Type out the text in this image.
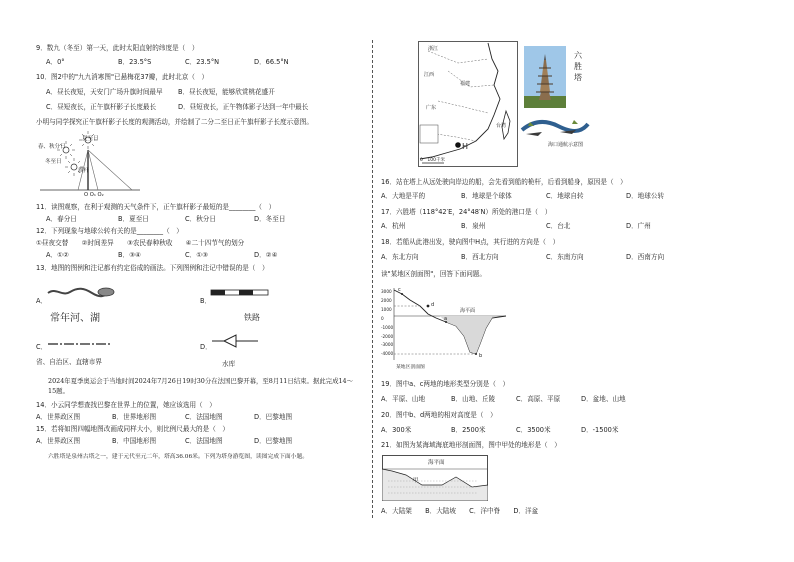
9．数九（冬至）第一天，此时太阳直射的纬度是（　）
A．0°	B．23.5°S	C．23.5°N	D．66.5°N
10．图2中的"九九消寒图"已悬梅花37瓣，此时北京（　）
A．昼长夜短，天安门广场升旗时间最早 B．昼长夜短，能够欣赏桃花盛开
C．昼短夜长，正午旗杆影子长度最长	D．昼短夜长，正午物体影子达到一年中最长
小明与同学探究正午旗杆影子长度的观测活动，并绘制了二分二至日正午旗杆影子长度示意图。
夏至日
春、秋分日
冬至日
旗杆
O O₁ O₂
11．读图观察，在利于观测的天气条件下，正午旗杆影子最短的是________（　）
A．春分日	B．夏至日	C．秋分日	D．冬至日
12．下列现象与地球公转有关的是________（　）
①昼夜交替　　②时间差异　　③农民春种秋收　　④二十四节气的划分
A．①②	B．③④	C．①③	D．②④
13．地图的图例和注记都有约定俗成的画法。下列图例和注记中错误的是（　）
A．
常年河、湖
B．
铁路
C．
省、自治区、直辖市界
D．
水库
2024年夏季奥运会于当地时间2024年7月26日19时30分在法国巴黎开幕，至8月11日结束。据此完成14～15题。
14．小云同学想查找巴黎在世界上的位置，她应该选用（　）
A．世界政区图	B．世界地形图	C．法国地图	D．巴黎地图
15．若将如图四幅地图改画成同样大小，则比例尺最大的是（　）
A．世界政区图	B．中国地形图	C．法国地图	D．巴黎地图
六胜塔是泉州古塔之一，建于元代至元二年，塔高36.06米。下列为塔身游览图，读图完成下面小题。
浙江
江西
福建
广东
台湾
H
0　100千米
六胜塔
海口通航示意图
16．站在塔上从远处驶向岸边的船，会先看到船的桅杆，后看到船身，原因是（　）
A．大地是平的	B．地球是个球体	C．地球自转	D．地球公转
17．六胜塔（118°42′E，24°48′N）所处的港口是（　）
A．杭州	B．泉州	C．台北	D．广州
18．若船从此港出发，驶向图中H点，其行进的方向是（　）
A．东北方向	B．西北方向	C．东南方向	D．西南方向
读"某地区剖面图"，回答下面问题。
3000
2000
1000
0
-1000
-2000
-3000
-4000
c
d
a
b
海平面
某地区剖面图
19．图中a、c两地的地形类型分别是（　）
A．平原、山地	B．山地、丘陵	C．高原、平原	D．盆地、山地
20．图中b、d两地的相对高度是（　）
A．300米	B．2500米	C．3500米	D．-1500米
21．如图为某海域海底地形剖面图，图中甲处的地形是（　）
海平面
甲
A．大陆架　　B．大陆坡　　C．洋中脊　　D．洋盆
